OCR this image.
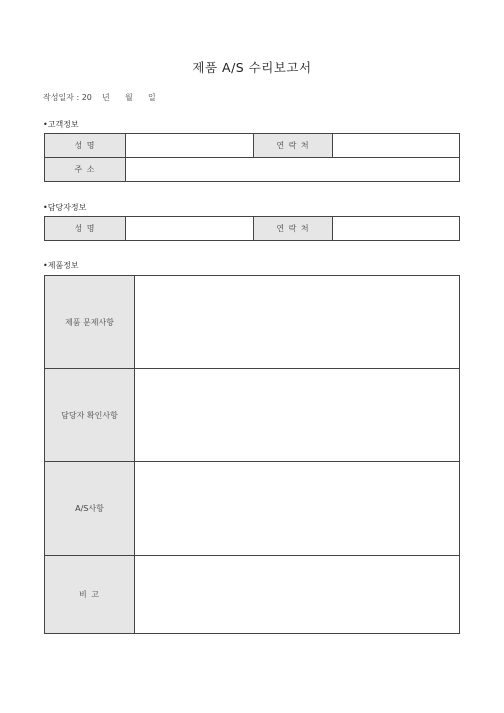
제품 A/S 수리보고서
작성일자 : 20    년      월      일
•고객정보
성 명		연 락 처	
주 소			
•담당자정보
성 명		연 락 처	
•제품정보
제품 문제사항	
담당자 확인사항	
A/S사항	
비 고	
